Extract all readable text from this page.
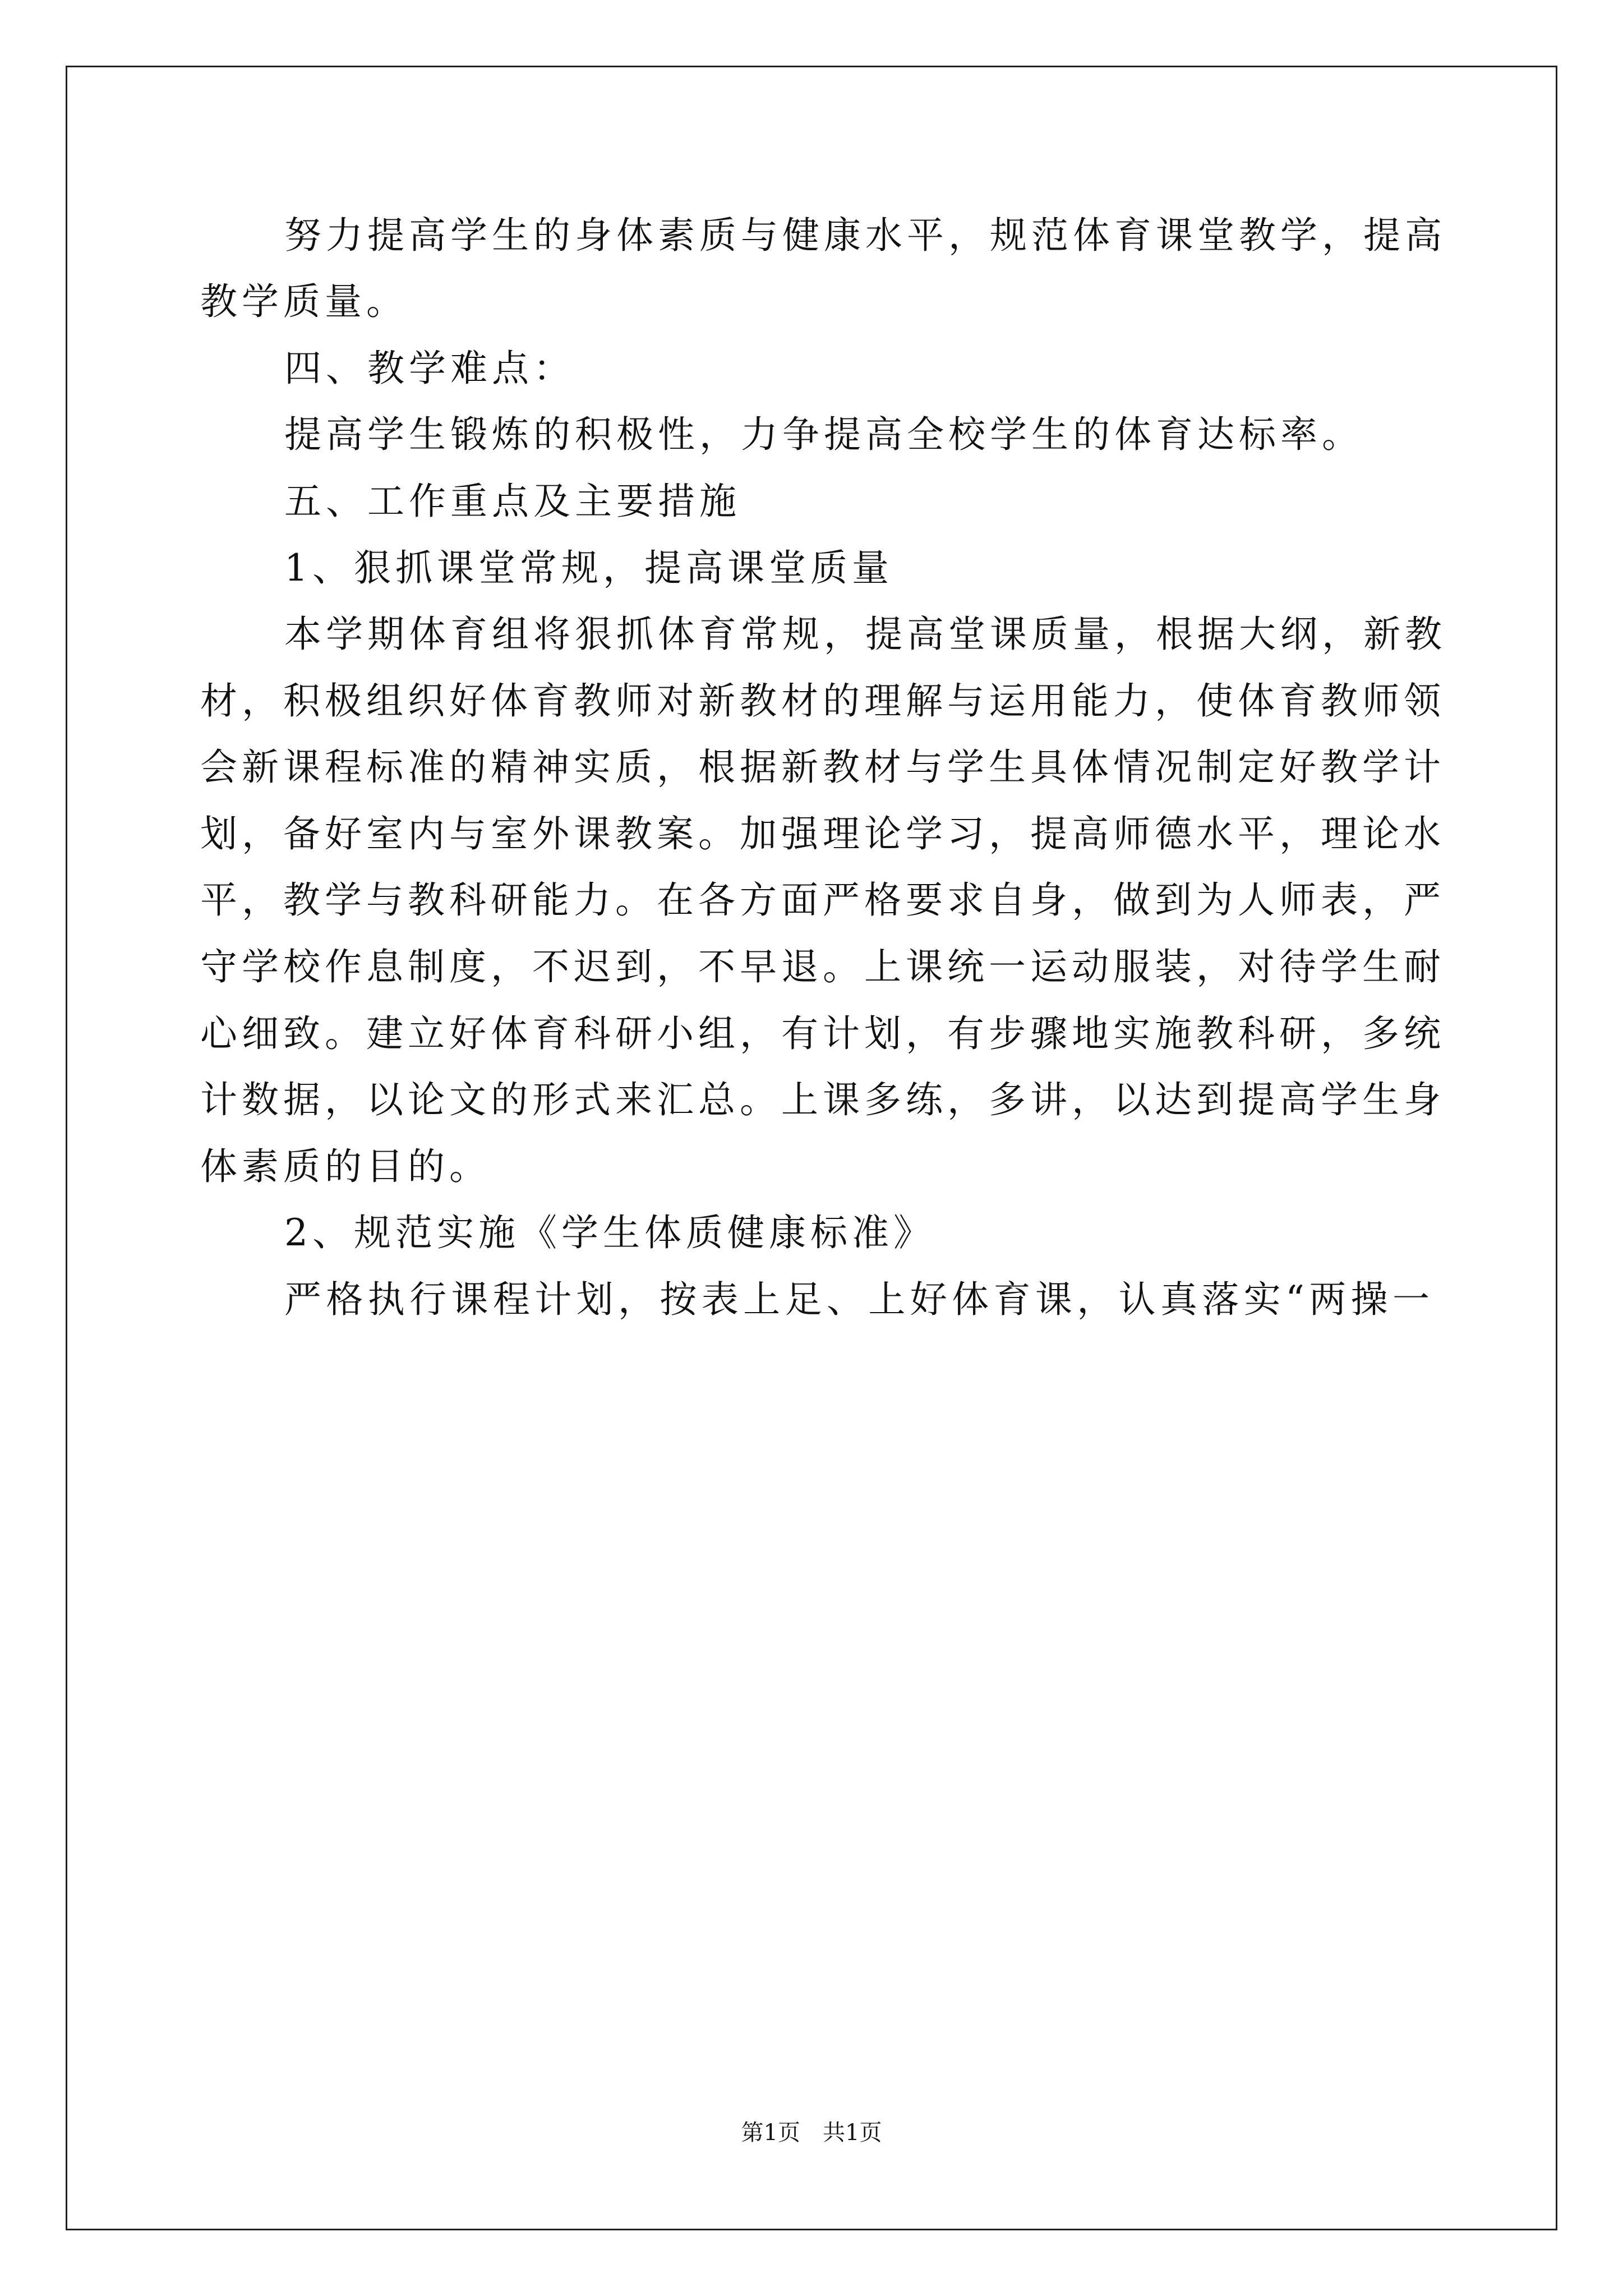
努力提高学生的身体素质与健康水平，规范体育课堂教学，提高
教学质量。
四、教学难点：
提高学生锻炼的积极性，力争提高全校学生的体育达标率。
五、工作重点及主要措施
1、狠抓课堂常规，提高课堂质量
本学期体育组将狠抓体育常规，提高堂课质量，根据大纲，新教
材，积极组织好体育教师对新教材的理解与运用能力，使体育教师领
会新课程标准的精神实质，根据新教材与学生具体情况制定好教学计
划，备好室内与室外课教案。加强理论学习，提高师德水平，理论水
平，教学与教科研能力。在各方面严格要求自身，做到为人师表，严
守学校作息制度，不迟到，不早退。上课统一运动服装，对待学生耐
心细致。建立好体育科研小组，有计划，有步骤地实施教科研，多统
计数据，以论文的形式来汇总。上课多练，多讲，以达到提高学生身
体素质的目的。
2、规范实施《学生体质健康标准》
严格执行课程计划，按表上足、上好体育课，认真落实“两操一
第1页 共1页
